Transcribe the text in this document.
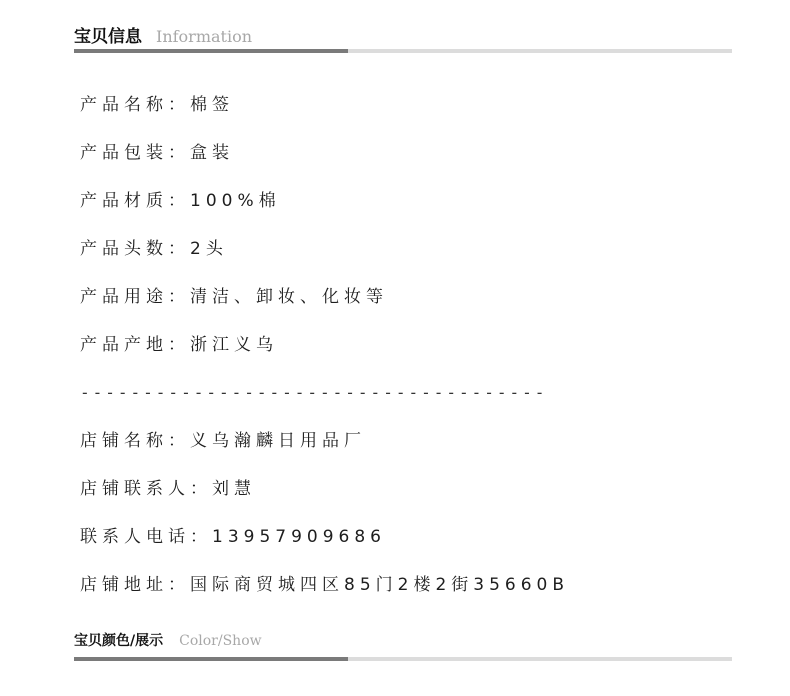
宝贝信息 Information
产品名称：棉签
产品包装：盒装
产品材质：100%棉
产品头数：2头
产品用途：清洁、卸妆、化妆等
产品产地：浙江义乌
-------------------------------------
店铺名称：义乌瀚麟日用品厂
店铺联系人：刘慧
联系人电话：13957909686
店铺地址：国际商贸城四区85门2楼2街35660B
宝贝颜色/展示 Color/Show
